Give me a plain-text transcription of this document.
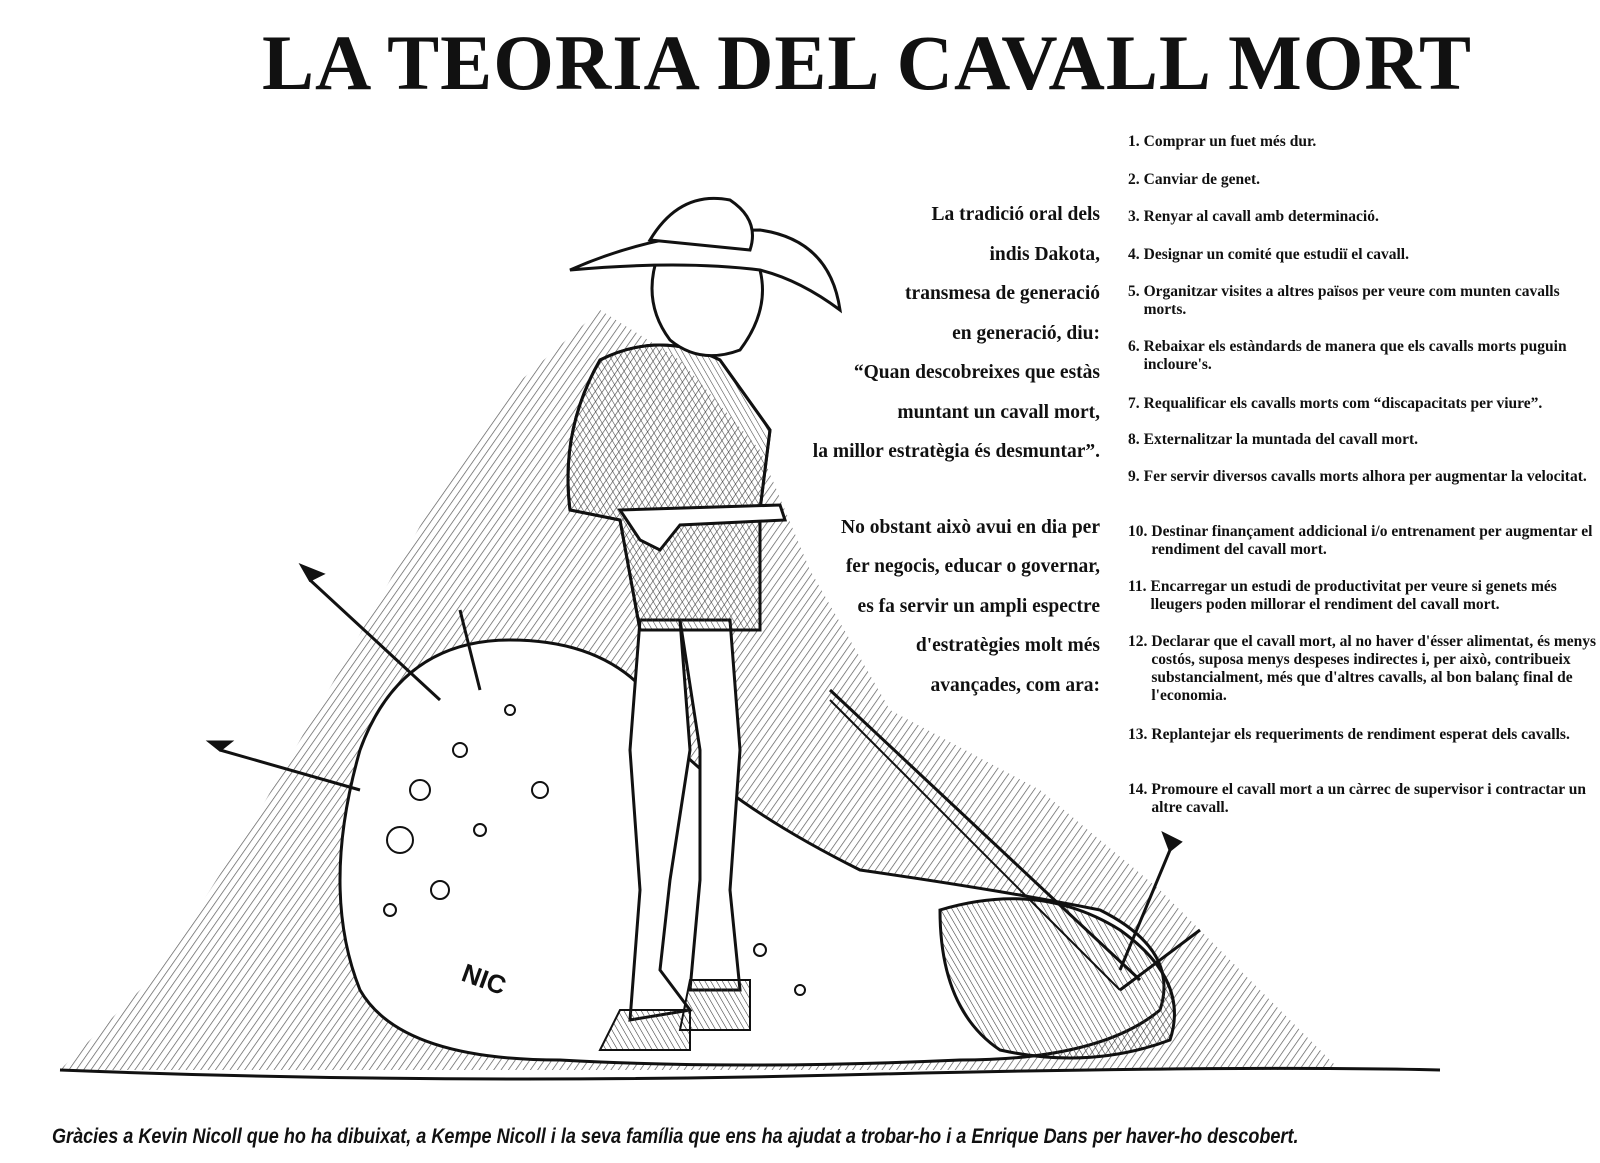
LA TEORIA DEL CAVALL MORT
NIC
La tradició oral dels
indis Dakota,
transmesa de generació
en generació, diu:
“Quan descobreixes que estàs
muntant un cavall mort,
la millor estratègia és desmuntar”.
No obstant això avui en dia per
fer negocis, educar o governar,
es fa servir un ampli espectre
d'estratègies molt més
avançades, com ara:
1. Comprar un fuet més dur.
2. Canviar de genet.
3. Renyar al cavall amb determinació.
4. Designar un comité que estudiï el cavall.
5. Organitzar visites a altres països per veure com munten cavalls morts.
6. Rebaixar els estàndards de manera que els cavalls morts puguin incloure's.
7. Requalificar els cavalls morts com “discapacitats per viure”.
8. Externalitzar la muntada del cavall mort.
9. Fer servir diversos cavalls morts alhora per augmentar la velocitat.
10. Destinar finançament addicional i/o entrenament per augmentar el rendiment del cavall mort.
11. Encarregar un estudi de productivitat per veure si genets més lleugers poden millorar el rendiment del cavall mort.
12. Declarar que el cavall mort, al no haver d'ésser alimentat, és menys costós, suposa menys despeses indirectes i, per això, contribueix substancialment, més que d'altres cavalls, al bon balanç final de l'economia.
13. Replantejar els requeriments de rendiment esperat dels cavalls.
14. Promoure el cavall mort a un càrrec de supervisor i contractar un altre cavall.
Gràcies a Kevin Nicoll que ho ha dibuixat, a Kempe Nicoll i la seva família que ens ha ajudat a trobar-ho i a Enrique Dans per haver-ho descobert.
